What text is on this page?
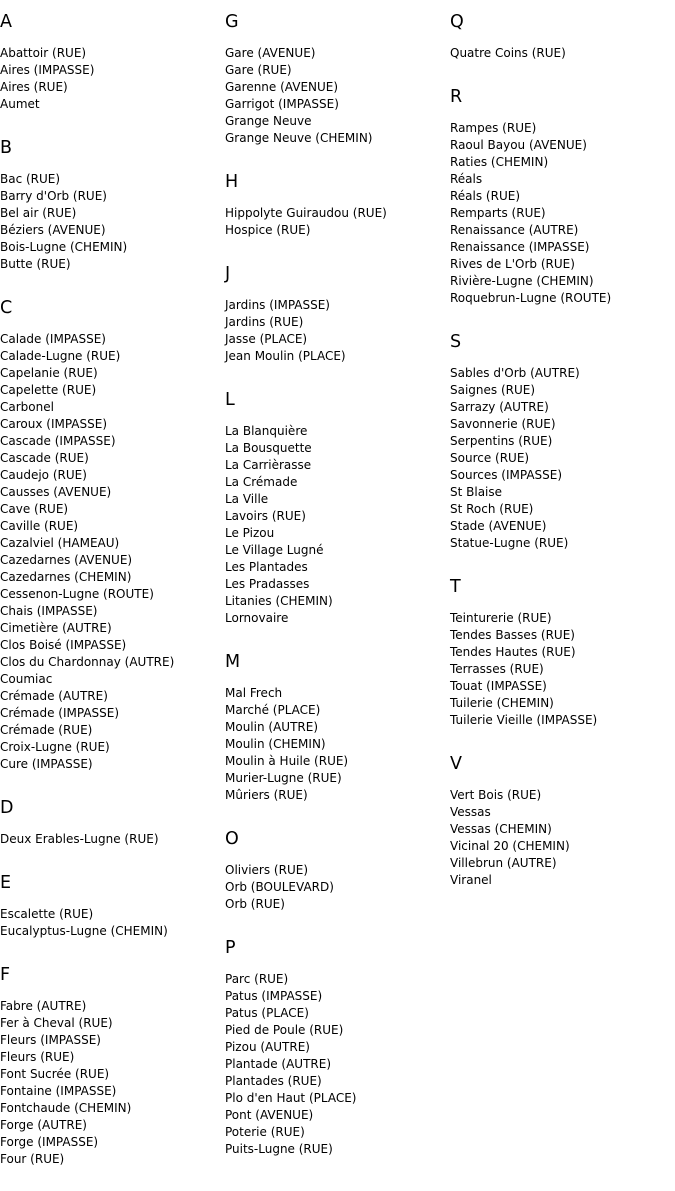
A
Abattoir (RUE)
Aires (IMPASSE)
Aires (RUE)
Aumet
B
Bac (RUE)
Barry d'Orb (RUE)
Bel air (RUE)
Béziers (AVENUE)
Bois-Lugne (CHEMIN)
Butte (RUE)
C
Calade (IMPASSE)
Calade-Lugne (RUE)
Capelanie (RUE)
Capelette (RUE)
Carbonel
Caroux (IMPASSE)
Cascade (IMPASSE)
Cascade (RUE)
Caudejo (RUE)
Causses (AVENUE)
Cave (RUE)
Caville (RUE)
Cazalviel (HAMEAU)
Cazedarnes (AVENUE)
Cazedarnes (CHEMIN)
Cessenon-Lugne (ROUTE)
Chais (IMPASSE)
Cimetière (AUTRE)
Clos Boisé (IMPASSE)
Clos du Chardonnay (AUTRE)
Coumiac
Crémade (AUTRE)
Crémade (IMPASSE)
Crémade (RUE)
Croix-Lugne (RUE)
Cure (IMPASSE)
D
Deux Erables-Lugne (RUE)
E
Escalette (RUE)
Eucalyptus-Lugne (CHEMIN)
F
Fabre (AUTRE)
Fer à Cheval (RUE)
Fleurs (IMPASSE)
Fleurs (RUE)
Font Sucrée (RUE)
Fontaine (IMPASSE)
Fontchaude (CHEMIN)
Forge (AUTRE)
Forge (IMPASSE)
Four (RUE)
G
Gare (AVENUE)
Gare (RUE)
Garenne (AVENUE)
Garrigot (IMPASSE)
Grange Neuve
Grange Neuve (CHEMIN)
H
Hippolyte Guiraudou (RUE)
Hospice (RUE)
J
Jardins (IMPASSE)
Jardins (RUE)
Jasse (PLACE)
Jean Moulin (PLACE)
L
La Blanquière
La Bousquette
La Carrièrasse
La Crémade
La Ville
Lavoirs (RUE)
Le Pizou
Le Village Lugné
Les Plantades
Les Pradasses
Litanies (CHEMIN)
Lornovaire
M
Mal Frech
Marché (PLACE)
Moulin (AUTRE)
Moulin (CHEMIN)
Moulin à Huile (RUE)
Murier-Lugne (RUE)
Mûriers (RUE)
O
Oliviers (RUE)
Orb (BOULEVARD)
Orb (RUE)
P
Parc (RUE)
Patus (IMPASSE)
Patus (PLACE)
Pied de Poule (RUE)
Pizou (AUTRE)
Plantade (AUTRE)
Plantades (RUE)
Plo d'en Haut (PLACE)
Pont (AVENUE)
Poterie (RUE)
Puits-Lugne (RUE)
Q
Quatre Coins (RUE)
R
Rampes (RUE)
Raoul Bayou (AVENUE)
Raties (CHEMIN)
Réals
Réals (RUE)
Remparts (RUE)
Renaissance (AUTRE)
Renaissance (IMPASSE)
Rives de L'Orb (RUE)
Rivière-Lugne (CHEMIN)
Roquebrun-Lugne (ROUTE)
S
Sables d'Orb (AUTRE)
Saignes (RUE)
Sarrazy (AUTRE)
Savonnerie (RUE)
Serpentins (RUE)
Source (RUE)
Sources (IMPASSE)
St Blaise
St Roch (RUE)
Stade (AVENUE)
Statue-Lugne (RUE)
T
Teinturerie (RUE)
Tendes Basses (RUE)
Tendes Hautes (RUE)
Terrasses (RUE)
Touat (IMPASSE)
Tuilerie (CHEMIN)
Tuilerie Vieille (IMPASSE)
V
Vert Bois (RUE)
Vessas
Vessas (CHEMIN)
Vicinal 20 (CHEMIN)
Villebrun (AUTRE)
Viranel
